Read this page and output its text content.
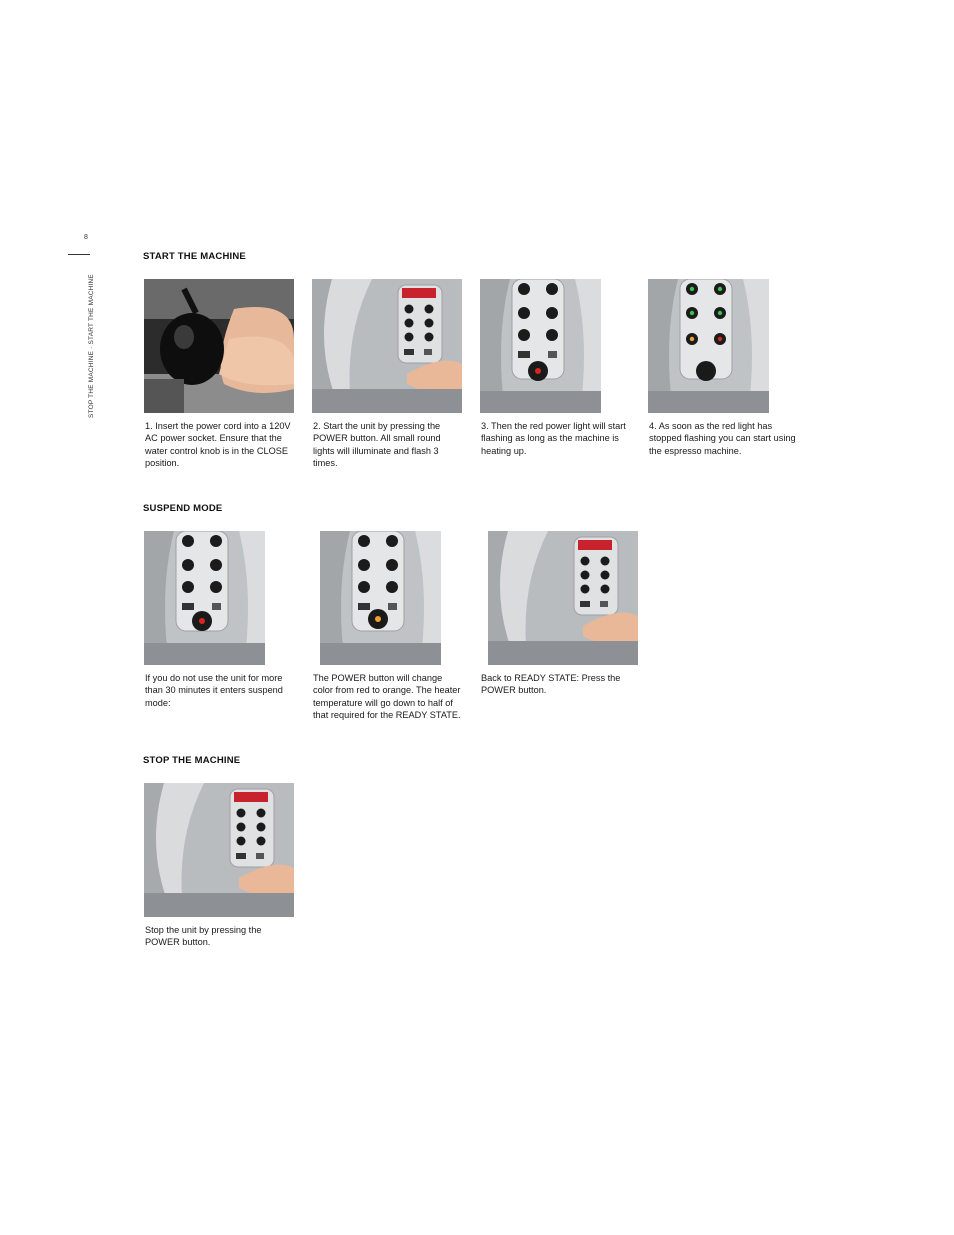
8
STOP THE MACHINE · START THE MACHINE
START THE MACHINE
1. Insert the power cord into a 120V AC power socket. Ensure that the water control knob is in the CLOSE position.
2. Start the unit by pressing the POWER button. All small round lights will illuminate and flash 3 times.
3. Then the red power light will start flashing as long as the machine is heating up.
4. As soon as the red light has stopped flashing you can start using the espresso machine.
SUSPEND MODE
If you do not use the unit for more than 30 minutes it enters suspend mode:
The POWER button will change color from red to orange. The heater temperature will go down to half of that required for the READY STATE.
Back to READY STATE: Press the POWER button.
STOP THE MACHINE
Stop the unit by pressing the POWER button.
